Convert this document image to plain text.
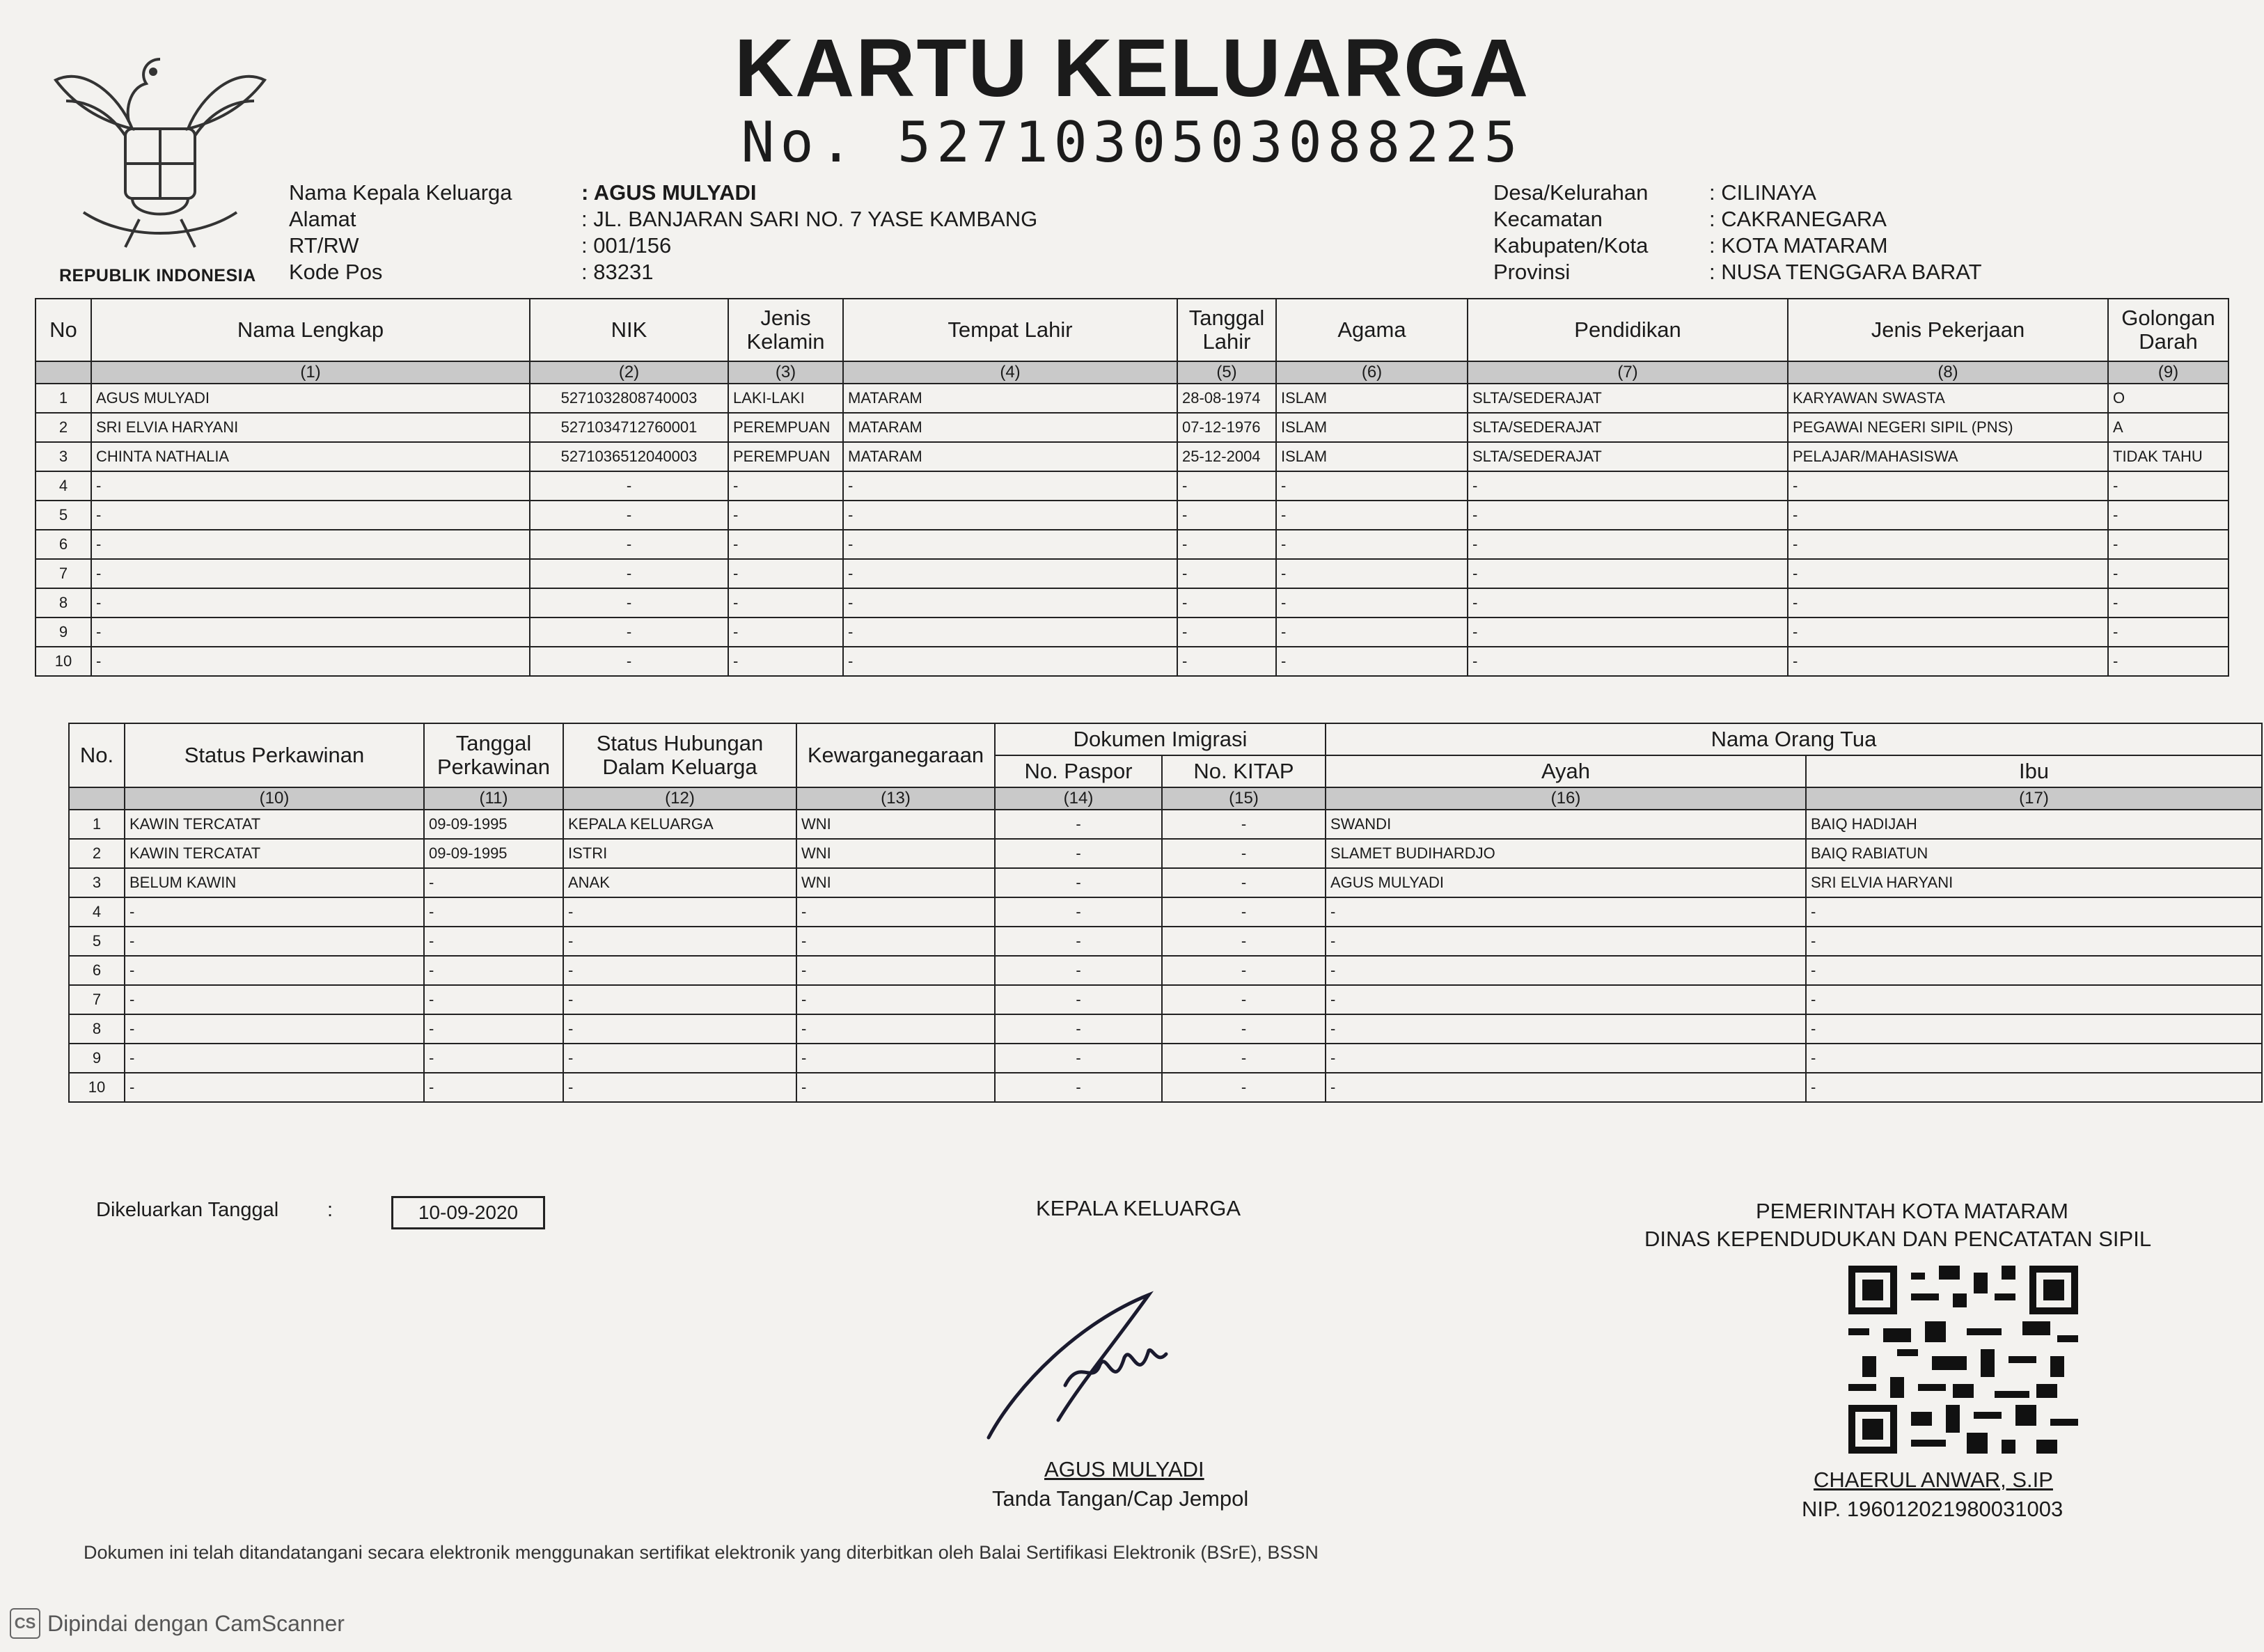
REPUBLIK INDONESIA
KARTU KELUARGA
No. 5271030503088225
Nama Kepala Keluarga	: AGUS MULYADI
Alamat	: JL. BANJARAN SARI NO. 7 YASE KAMBANG
RT/RW	: 001/156
Kode Pos	: 83231
Desa/Kelurahan	: CILINAYA
Kecamatan	: CAKRANEGARA
Kabupaten/Kota	: KOTA MATARAM
Provinsi	: NUSA TENGGARA BARAT
No	Nama Lengkap	NIK	Jenis Kelamin	Tempat Lahir	Tanggal Lahir	Agama	Pendidikan	Jenis Pekerjaan	Golongan Darah
	(1)	(2)	(3)	(4)	(5)	(6)	(7)	(8)	(9)
1	AGUS MULYADI	5271032808740003	LAKI-LAKI	MATARAM	28-08-1974	ISLAM	SLTA/SEDERAJAT	KARYAWAN SWASTA	O
2	SRI ELVIA HARYANI	5271034712760001	PEREMPUAN	MATARAM	07-12-1976	ISLAM	SLTA/SEDERAJAT	PEGAWAI NEGERI SIPIL (PNS)	A
3	CHINTA NATHALIA	5271036512040003	PEREMPUAN	MATARAM	25-12-2004	ISLAM	SLTA/SEDERAJAT	PELAJAR/MAHASISWA	TIDAK TAHU
4	-	-	-	-	-	-	-	-	-
5	-	-	-	-	-	-	-	-	-
6	-	-	-	-	-	-	-	-	-
7	-	-	-	-	-	-	-	-	-
8	-	-	-	-	-	-	-	-	-
9	-	-	-	-	-	-	-	-	-
10	-	-	-	-	-	-	-	-	-
No.	Status Perkawinan	Tanggal Perkawinan	Status Hubungan Dalam Keluarga	Kewarganegaraan	Dokumen Imigrasi		Nama Orang Tua	
					No. Paspor	No. KITAP	Ayah	Ibu
	(10)	(11)	(12)	(13)	(14)	(15)	(16)	(17)
1	KAWIN TERCATAT	09-09-1995	KEPALA KELUARGA	WNI	-	-	SWANDI	BAIQ HADIJAH
2	KAWIN TERCATAT	09-09-1995	ISTRI	WNI	-	-	SLAMET BUDIHARDJO	BAIQ RABIATUN
3	BELUM KAWIN	-	ANAK	WNI	-	-	AGUS MULYADI	SRI ELVIA HARYANI
4	-	-	-	-	-	-	-	-
5	-	-	-	-	-	-	-	-
6	-	-	-	-	-	-	-	-
7	-	-	-	-	-	-	-	-
8	-	-	-	-	-	-	-	-
9	-	-	-	-	-	-	-	-
10	-	-	-	-	-	-	-	-
Dikeluarkan Tanggal :	10-09-2020	KEPALA KELUARGA
AGUS MULYADI
Tanda Tangan/Cap Jempol
PEMERINTAH KOTA MATARAM
DINAS KEPENDUDUKAN DAN PENCATATAN SIPIL
CHAERUL ANWAR, S.IP
NIP. 196012021980031003
Dokumen ini telah ditandatangani secara elektronik menggunakan sertifikat elektronik yang diterbitkan oleh Balai Sertifikasi Elektronik (BSrE), BSSN
CS Dipindai dengan CamScanner
